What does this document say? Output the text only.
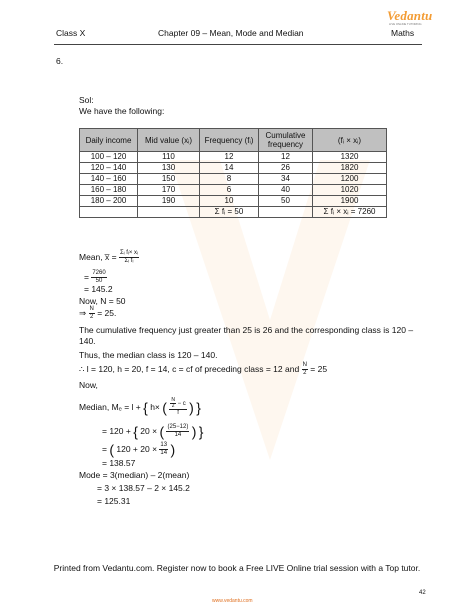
Class X	Chapter 09 – Mean, Mode and Median	Maths
Vedantu
LIVE ONLINE TUTORING
6.
Sol:
We have the following:
Daily income	Mid value (xᵢ)	Frequency (fᵢ)	Cumulative frequency	(fᵢ × xᵢ)
100 – 120	110	12	12	1320
120 – 140	130	14	26	1820
140 – 160	150	8	34	1200
160 – 180	170	6	40	1020
180 – 200	190	10	50	1900
		Σ fᵢ = 50		Σ fᵢ × xᵢ = 7260
Mean, x̅ = $\frac{\text{Σᵢ fᵢ× xᵢ}}{\text{Σᵢ fᵢ}}$
= $\frac{7260}{50}$
= 145.2
Now, N = 50
⇒ $\frac{N}{2} = 25$.
The cumulative frequency just greater than 25 is 26 and the corresponding class is 120 –
140.
Thus, the median class is 120 – 140.
∴ l = 120, h = 20, f = 14, c = cf of preceding class = 12 and $\frac{N}{2} = 25$
Now,
Median, Mₑ = l + { h× ( $\frac{\frac{N}{2} - c}{f}$ ) }
= 120 + { 20 × ( $\frac{(25-12)}{14}$ ) }
= ( $120 + 20 \times \frac{13}{14}$ )
= 138.57
Mode = 3(median) – 2(mean)
= 3 × 138.57 – 2 × 145.2
= 125.31
Printed from Vedantu.com. Register now to book a Free LIVE Online trial session with a Top tutor.
www.vedantu.com
42
